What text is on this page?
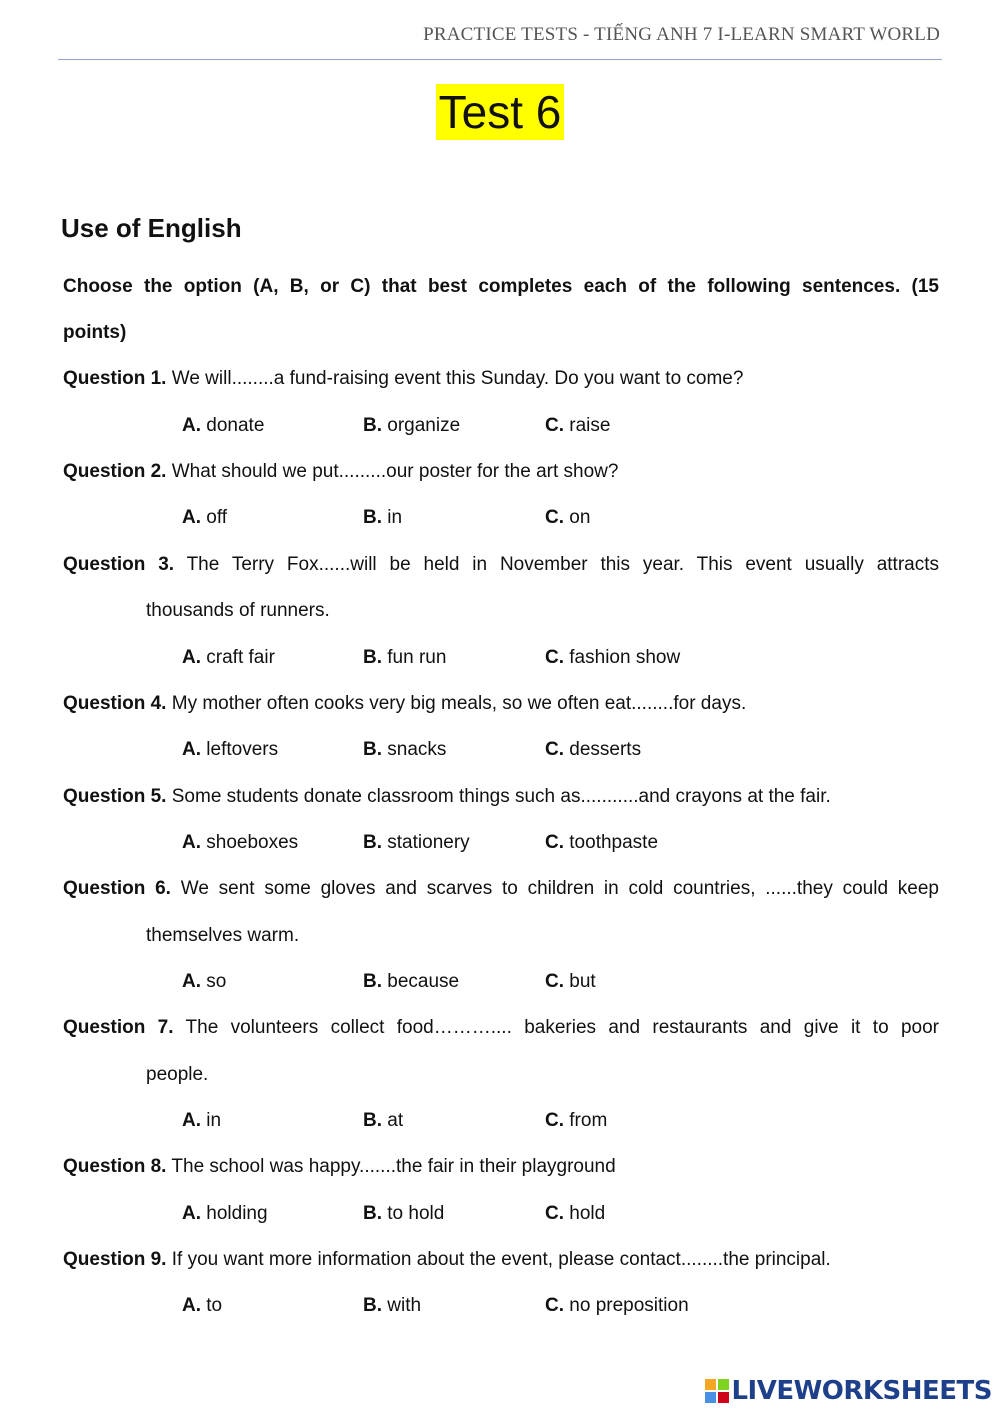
PRACTICE TESTS - TIẾNG ANH 7 I-LEARN SMART WORLD
Test 6
Use of English
Choose the option (A, B, or C) that best completes each of the following sentences. (15
points)
Question 1. We will........a fund-raising event this Sunday. Do you want to come?
A. donate	B. organize	C. raise
Question 2. What should we put.........our poster for the art show?
A. off	B. in	C. on
Question 3. The Terry Fox......will be held in November this year. This event usually attracts
thousands of runners.
A. craft fair	B. fun run	C. fashion show
Question 4. My mother often cooks very big meals, so we often eat........for days.
A. leftovers	B. snacks	C. desserts
Question 5. Some students donate classroom things such as...........and crayons at the fair.
A. shoeboxes	B. stationery	C. toothpaste
Question 6. We sent some gloves and scarves to children in cold countries, ......they could keep
themselves warm.
A. so	B. because	C. but
Question 7. The volunteers collect food……….... bakeries and restaurants and give it to poor
people.
A. in	B. at	C. from
Question 8. The school was happy.......the fair in their playground
A. holding	B. to hold	C. hold
Question 9. If you want more information about the event, please contact........the principal.
A. to	B. with	C. no preposition
LIVEWORKSHEETS
